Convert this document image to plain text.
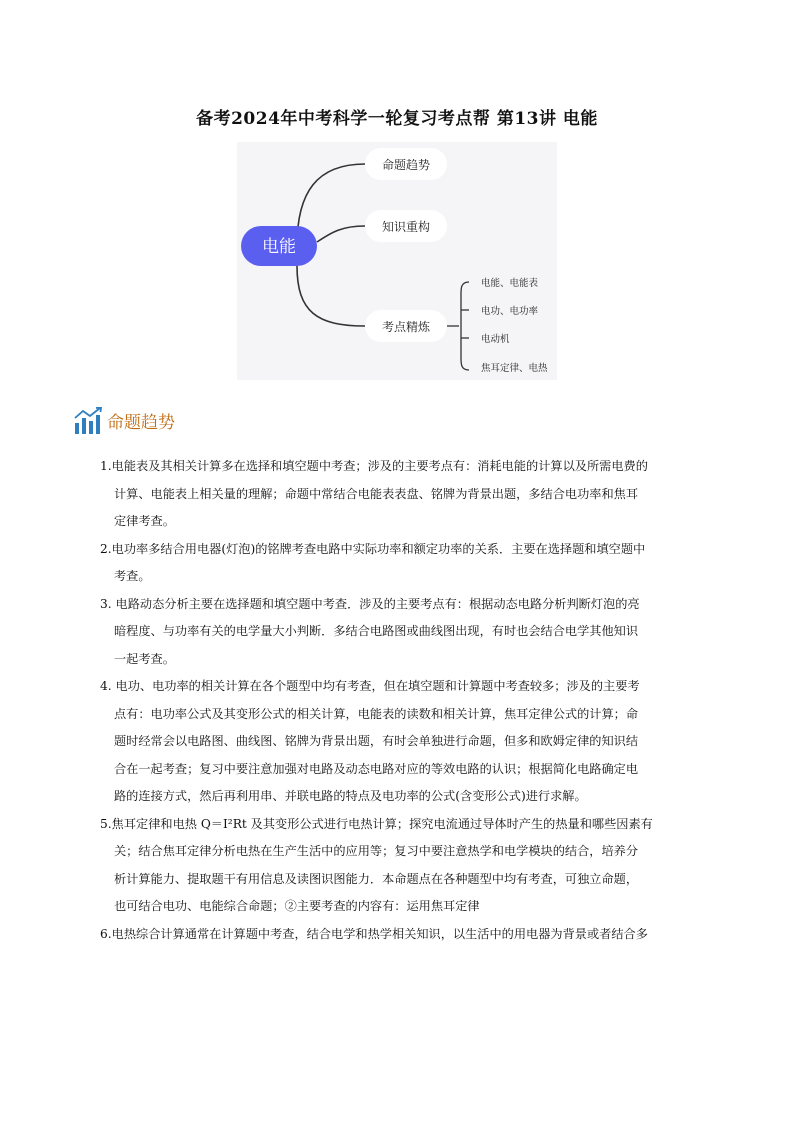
备考2024年中考科学一轮复习考点帮 第13讲 电能
电能
命题趋势
知识重构
考点精炼
电能、电能表
电功、电功率
电动机
焦耳定律、电热
命题趋势
1.电能表及其相关计算多在选择和填空题中考查；涉及的主要考点有：消耗电能的计算以及所需电费的
计算、电能表上相关量的理解；命题中常结合电能表表盘、铭牌为背景出题，多结合电功率和焦耳
定律考查。
2.电功率多结合用电器(灯泡)的铭牌考查电路中实际功率和额定功率的关系．主要在选择题和填空题中
考查。
3. 电路动态分析主要在选择题和填空题中考查．涉及的主要考点有：根据动态电路分析判断灯泡的亮
暗程度、与功率有关的电学量大小判断．多结合电路图或曲线图出现，有时也会结合电学其他知识
一起考查。
4. 电功、电功率的相关计算在各个题型中均有考查，但在填空题和计算题中考查较多；涉及的主要考
点有：电功率公式及其变形公式的相关计算，电能表的读数和相关计算，焦耳定律公式的计算；命
题时经常会以电路图、曲线图、铭牌为背景出题，有时会单独进行命题，但多和欧姆定律的知识结
合在一起考查；复习中要注意加强对电路及动态电路对应的等效电路的认识；根据简化电路确定电
路的连接方式，然后再利用串、并联电路的特点及电功率的公式(含变形公式)进行求解。
5.焦耳定律和电热 Q＝I²Rt 及其变形公式进行电热计算；探究电流通过导体时产生的热量和哪些因素有
关；结合焦耳定律分析电热在生产生活中的应用等；复习中要注意热学和电学模块的结合，培养分
析计算能力、提取题干有用信息及读图识图能力．本命题点在各种题型中均有考查，可独立命题，
也可结合电功、电能综合命题；②主要考查的内容有：运用焦耳定律
6.电热综合计算通常在计算题中考查，结合电学和热学相关知识，以生活中的用电器为背景或者结合多
